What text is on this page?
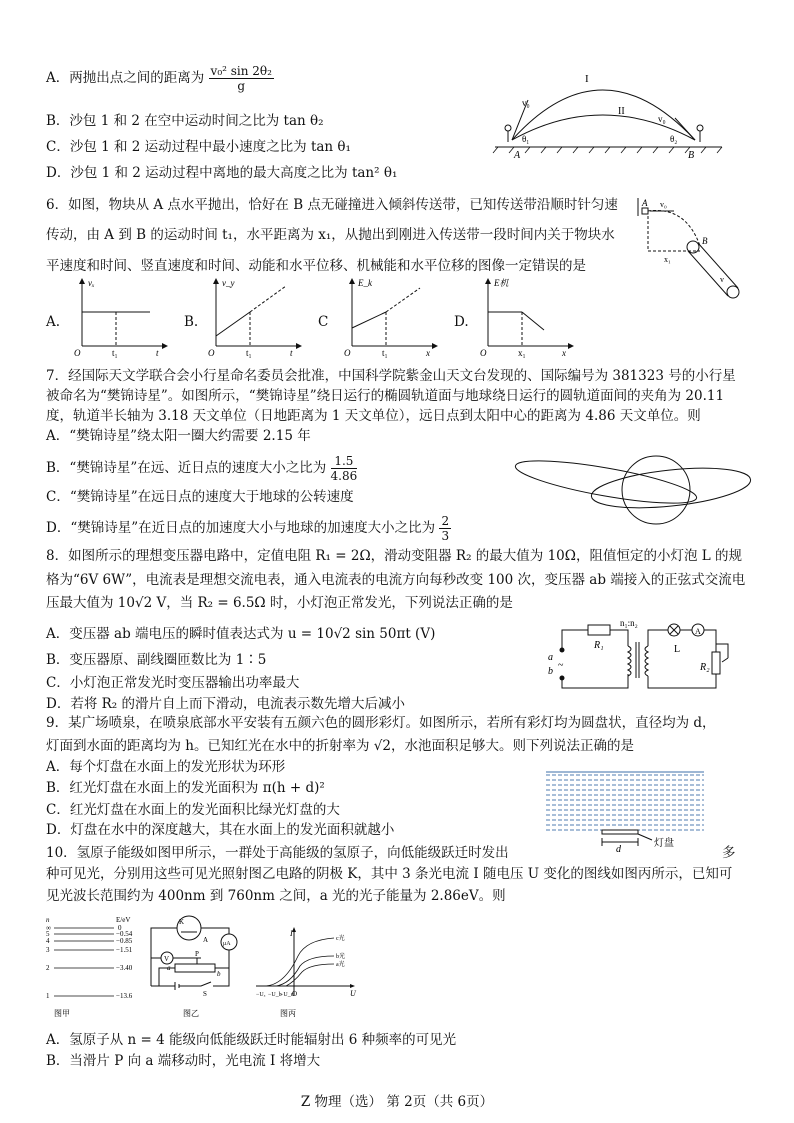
A．两抛出点之间的距离为 $\frac{\text{v₀² sin 2θ₂}}{g}$
B．沙包 1 和 2 在空中运动时间之比为 tan θ₂
C．沙包 1 和 2 运动过程中最小速度之比为 tan θ₁
D．沙包 1 和 2 运动过程中离地的最大高度之比为 tan² θ₁
I
II
v₀
v₀
θ₁	θ₂
A	B
6．如图，物块从 A 点水平抛出，恰好在 B 点无碰撞进入倾斜传送带，已知传送带沿顺时针匀速
传动，由 A 到 B 的运动时间 t₁，水平距离为 x₁，从抛出到刚进入传送带一段时间内关于物块水
平速度和时间、竖直速度和时间、动能和水平位移、机械能和水平位移的图像一定错误的是
A v₀
B
x₁
v
A.
vₓ
t
O	t₁
B.
v_y
t
O	t₁
C
E_k
x
O	t₁
D.
E机
x
O	x₁
7．经国际天文学联合会小行星命名委员会批准，中国科学院紫金山天文台发现的、国际编号为 381323 号的小行星
被命名为“樊锦诗星”。如图所示，“樊锦诗星”绕日运行的椭圆轨道面与地球绕日运行的圆轨道面间的夹角为 20.11
度，轨道半长轴为 3.18 天文单位（日地距离为 1 天文单位），远日点到太阳中心的距离为 4.86 天文单位。则
A．“樊锦诗星”绕太阳一圈大约需要 2.15 年
B．“樊锦诗星”在远、近日点的速度大小之比为 $\frac{1.5}{4.86}$
C．“樊锦诗星”在远日点的速度大于地球的公转速度
D．“樊锦诗星”在近日点的加速度大小与地球的加速度大小之比为 $\frac{2}{3}$
8．如图所示的理想变压器电路中，定值电阻 R₁ = 2Ω，滑动变阻器 R₂ 的最大值为 10Ω，阻值恒定的小灯泡 L 的规
格为“6V 6W”，电流表是理想交流电表，通入电流表的电流方向每秒改变 100 次，变压器 ab 端接入的正弦式交流电
压最大值为 10√2 V，当 R₂ = 6.5Ω 时，小灯泡正常发光，下列说法正确的是
A．变压器 ab 端电压的瞬时值表达式为 u = 10√2 sin 50πt (V)
B．变压器原、副线圈匝数比为 1∶5
C．小灯泡正常发光时变压器输出功率最大
D．若将 R₂ 的滑片自上而下滑动，电流表示数先增大后减小
n₁:n₂
R₁
R₂
L
A
a
b
~
9．某广场喷泉，在喷泉底部水平安装有五颜六色的圆形彩灯。如图所示，若所有彩灯均为圆盘状，直径均为 d，
灯面到水面的距离均为 h。已知红光在水中的折射率为 √2，水池面积足够大。则下列说法正确的是
A．每个灯盘在水面上的发光形状为环形
B．红光灯盘在水面上的发光面积为 π(h + d)²
C．红光灯盘在水面上的发光面积比绿光灯盘的大
D．灯盘在水中的深度越大，其在水面上的发光面积就越小
d
灯盘
10．氢原子能级如图甲所示，一群处于高能级的氢原子，向低能级跃迁时发出	多
种可见光，分别用这些可见光照射图乙电路的阴极 K，其中 3 条光电流 I 随电压 U 变化的图线如图丙所示，已知可
见光波长范围约为 400nm 到 760nm 之间，a 光的光子能量为 2.86eV。则
n	E/eV
∞	0
5	−0.54
4	−0.85
3	−1.51
2	−3.40
1	−13.6
图甲
K
A μA
V
P
a
b
S
图乙
I
U
O
c光
b光
a光
−Uₐ −U_b
−U_c
图丙
A．氢原子从 n = 4 能级向低能级跃迁时能辐射出 6 种频率的可见光
B．当滑片 P 向 a 端移动时，光电流 I 将增大
Z 物理（选） 第 2页（共 6页）
